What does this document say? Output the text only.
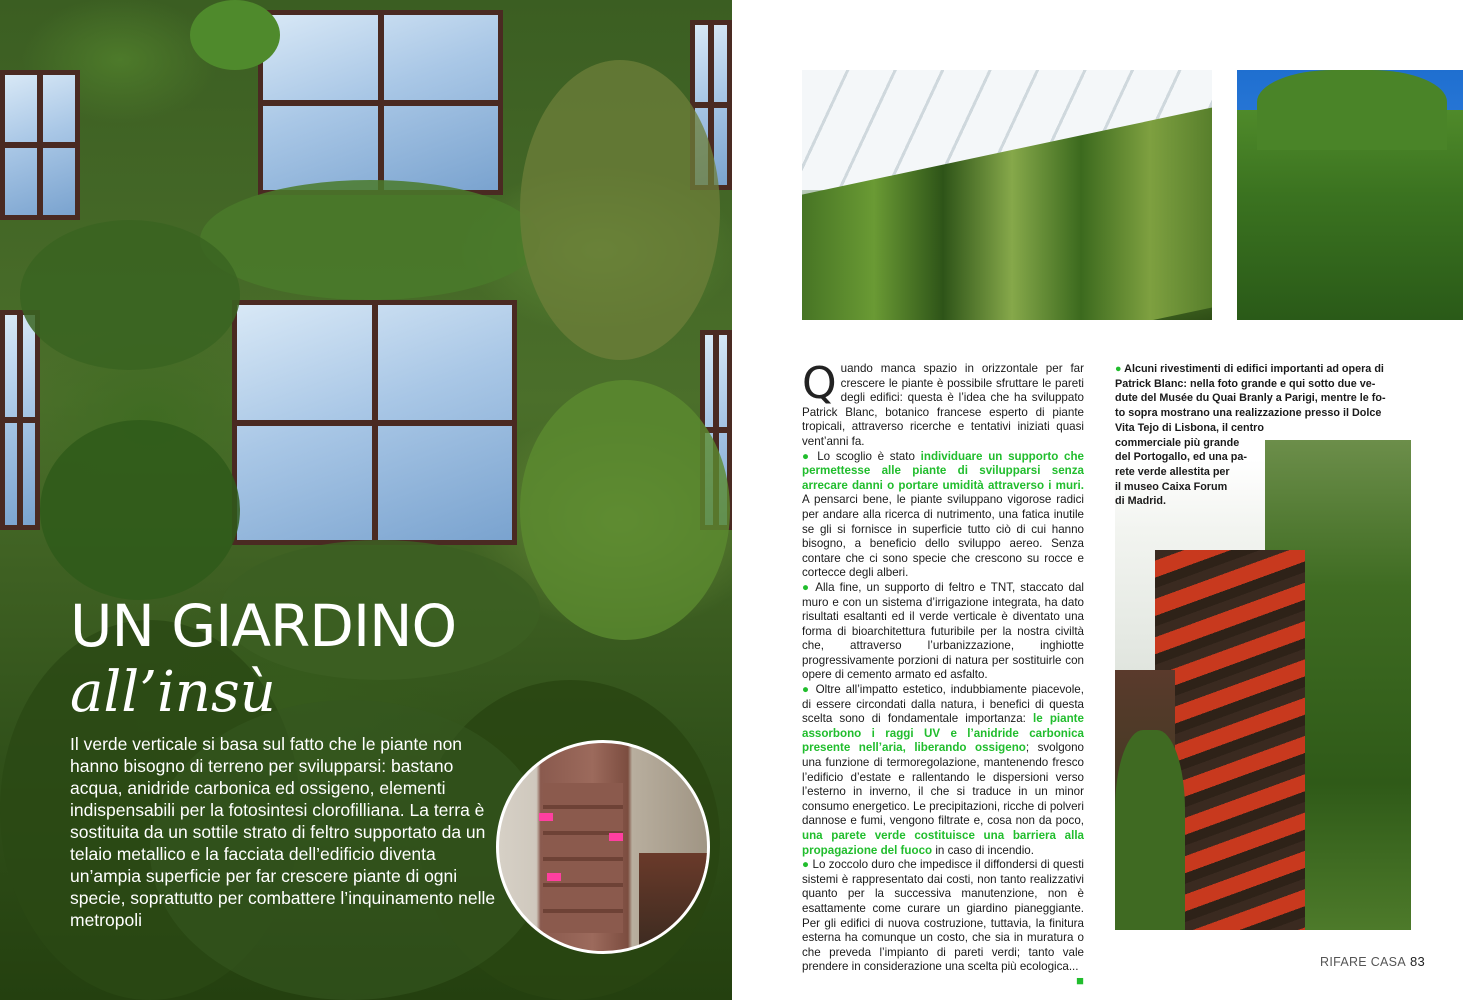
UN GIARDINO
all’insù
Il verde verticale si basa sul fatto che le piante non hanno bisogno di terreno per svilupparsi: bastano acqua, anidride carbonica ed ossigeno, elementi indispensabili per la fotosintesi clorofilliana. La terra è sostituita da un sottile strato di feltro supportato da un telaio metallico e la facciata dell’edificio diventa un’ampia superficie per far crescere piante di ogni specie, soprattutto per combattere l’inquinamento nelle metropoli
Quando manca spazio in orizzontale per far crescere le piante è possibile sfruttare le pareti degli edifici: questa è l’idea che ha sviluppato Patrick Blanc, botanico francese esperto di piante tropicali, attraverso ricerche e tentativi iniziati quasi vent’anni fa.
● Lo scoglio è stato individuare un supporto che permettesse alle piante di svilupparsi senza arrecare danni o portare umidità attraverso i muri. A pensarci bene, le piante sviluppano vigorose radici per andare alla ricerca di nutrimento, una fatica inutile se gli si fornisce in superficie tutto ciò di cui hanno bisogno, a beneficio dello sviluppo aereo. Senza contare che ci sono specie che crescono su rocce e cortecce degli alberi.
● Alla fine, un supporto di feltro e TNT, staccato dal muro e con un sistema d’irrigazione integrata, ha dato risultati esaltanti ed il verde verticale è diventato una forma di bioarchitettura futuribile per la nostra civiltà che, attraverso l’urbanizzazione, inghiotte progressivamente porzioni di natura per sostituirle con opere di cemento armato ed asfalto.
● Oltre all’impatto estetico, indubbiamente piacevole, di essere circondati dalla natura, i benefici di questa scelta sono di fondamentale importanza: le piante assorbono i raggi UV e l’anidride carbonica presente nell’aria, liberando ossigeno; svolgono una funzione di termoregolazione, mantenendo fresco l’edificio d’estate e rallentando le dispersioni verso l’esterno in inverno, il che si traduce in un minor consumo energetico. Le precipitazioni, ricche di polveri dannose e fumi, vengono filtrate e, cosa non da poco, una parete verde costituisce una barriera alla propagazione del fuoco in caso di incendio.
● Lo zoccolo duro che impedisce il diffondersi di questi sistemi è rappresentato dai costi, non tanto realizzativi quanto per la successiva manutenzione, non è esattamente come curare un giardino pianeggiante. Per gli edifici di nuova costruzione, tuttavia, la finitura esterna ha comunque un costo, che sia in muratura o che preveda l’impianto di pareti verdi; tanto vale prendere in considerazione una scelta più ecologica...
■
● Alcuni rivestimenti di edifici importanti ad opera di
Patrick Blanc: nella foto grande e qui sotto due ve-
dute del Musée du Quai Branly a Parigi, mentre le fo-
to sopra mostrano una realizzazione presso il Dolce
Vita Tejo di Lisbona, il centro
commerciale più grande
del Portogallo, ed una pa-
rete verde allestita per
il museo Caixa Forum
di Madrid.
RIFARE CASA 83
